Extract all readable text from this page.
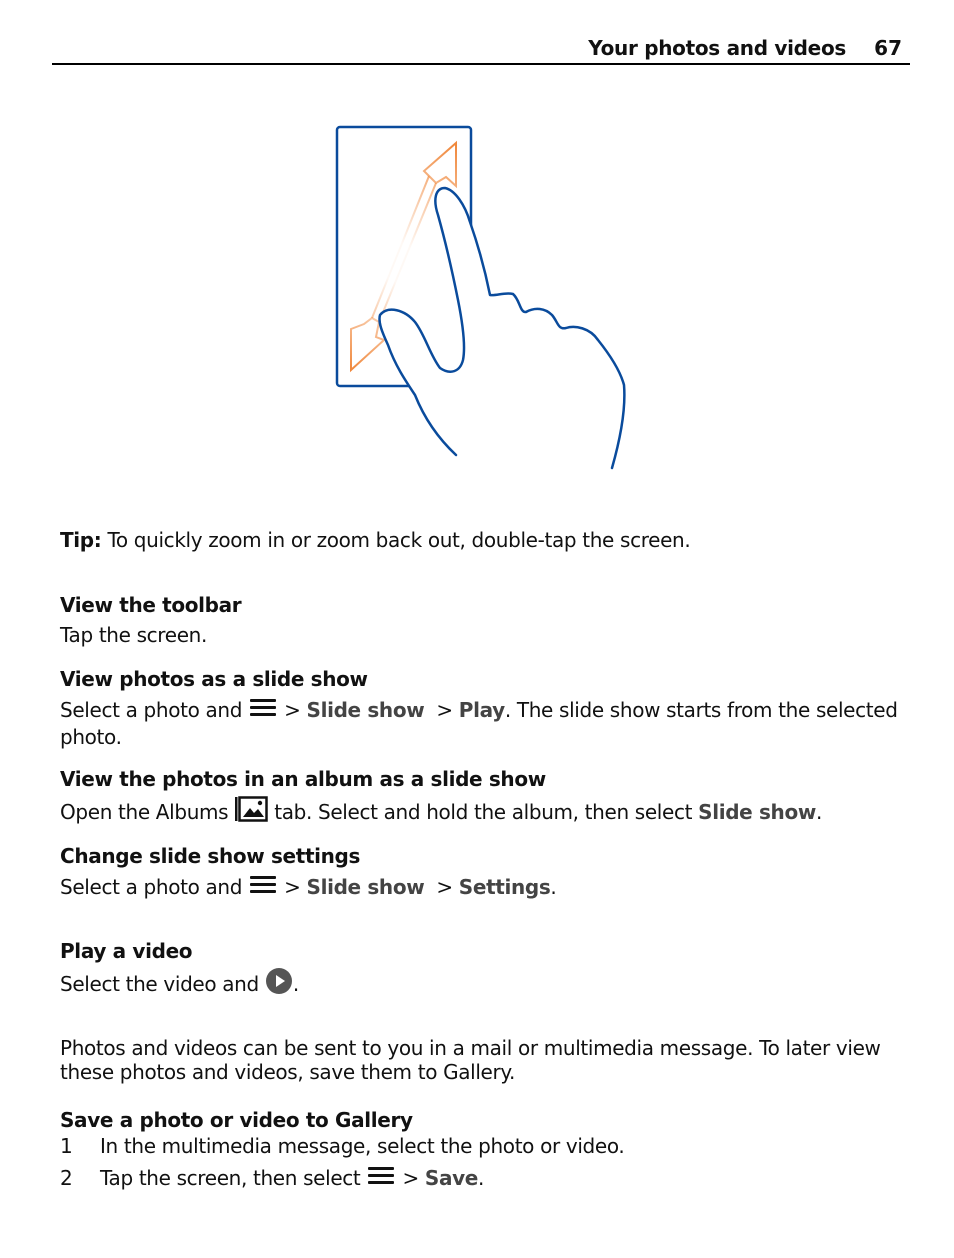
Your photos and videos 67
Tip: To quickly zoom in or zoom back out, double-tap the screen.
View the toolbar
Tap the screen.
View photos as a slide show
Select a photo and > Slide show > Play. The slide show starts from the selected
photo.
View the photos in an album as a slide show
Open the Albums tab. Select and hold the album, then select Slide show.
Change slide show settings
Select a photo and > Slide show > Settings.
Play a video
Select the video and .
Photos and videos can be sent to you in a mail or multimedia message. To later view
these photos and videos, save them to Gallery.
Save a photo or video to Gallery
1 In the multimedia message, select the photo or video.
2 Tap the screen, then select > Save.
